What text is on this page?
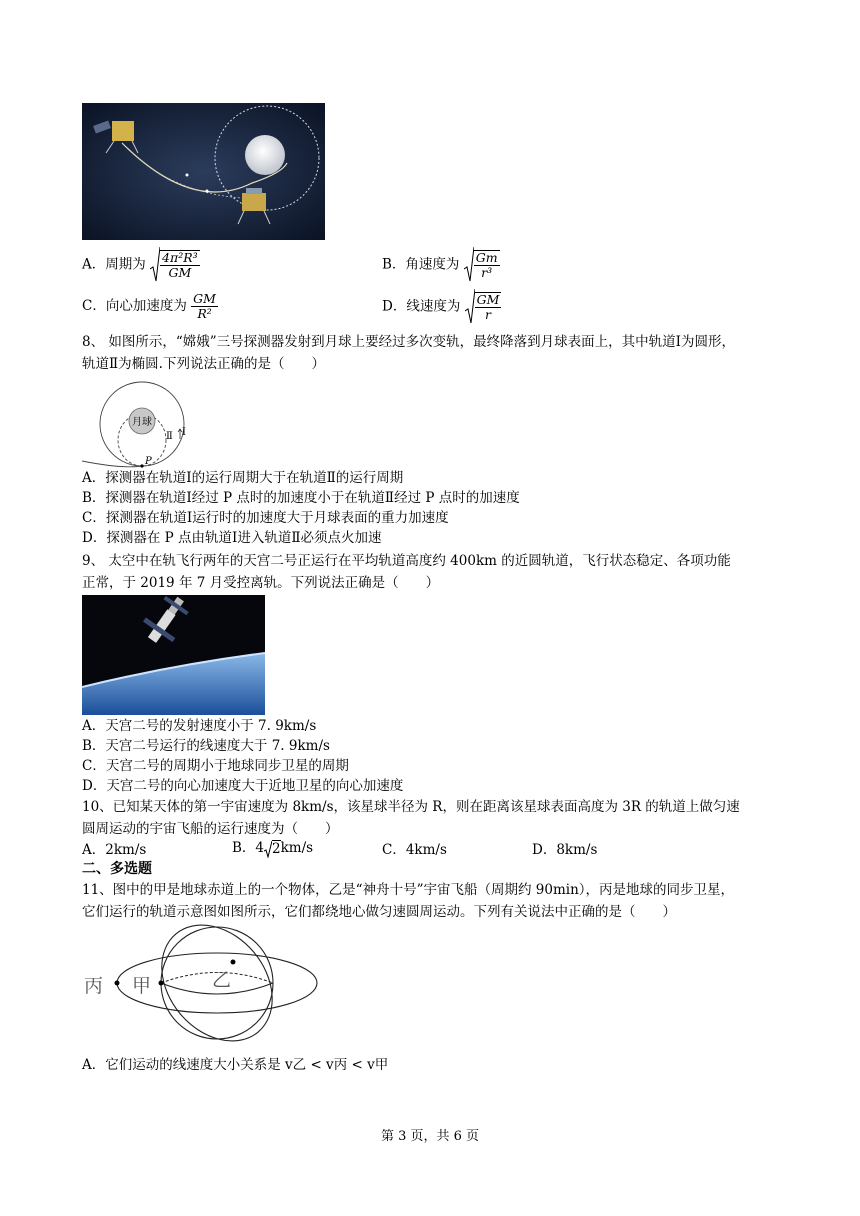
A．周期为 $\frac{\text{4π²R³}}{GM}$	B．角速度为 $\frac{Gm}{\text{r³}}$
C．向心加速度为 $\frac{GM}{\text{R²}}$	D．线速度为 $\frac{GM}{r}$
8、 如图所示，“嫦娥”三号探测器发射到月球上要经过多次变轨，最终降落到月球表面上，其中轨道Ⅰ为圆形，
轨道Ⅱ为椭圆.下列说法正确的是（　　）
月球
P
Ⅱ Ⅰ
A．探测器在轨道Ⅰ的运行周期大于在轨道Ⅱ的运行周期
B．探测器在轨道Ⅰ经过 P 点时的加速度小于在轨道Ⅱ经过 P 点时的加速度
C．探测器在轨道Ⅰ运行时的加速度大于月球表面的重力加速度
D．探测器在 P 点由轨道Ⅰ进入轨道Ⅱ必须点火加速
9、 太空中在轨飞行两年的天宫二号正运行在平均轨道高度约 400km 的近圆轨道，飞行状态稳定、各项功能
正常，于 2019 年 7 月受控离轨。下列说法正确是（　　）
A．天宫二号的发射速度小于 7. 9km/s
B．天宫二号运行的线速度大于 7. 9km/s
C．天宫二号的周期小于地球同步卫星的周期
D．天宫二号的向心加速度大于近地卫星的向心加速度
10、已知某天体的第一宇宙速度为 8km/s，该星球半径为 R，则在距离该星球表面高度为 3R 的轨道上做匀速
圆周运动的宇宙飞船的运行速度为（　　）
A．2km/s	B．4 2km/s	C．4km/s	D．8km/s
二、多选题
11、图中的甲是地球赤道上的一个物体，乙是“神舟十号”宇宙飞船（周期约 90min），丙是地球的同步卫星，
它们运行的轨道示意图如图所示，它们都绕地心做匀速圆周运动。下列有关说法中正确的是（　　）
丙 甲	乙
A．它们运动的线速度大小关系是 v乙 < v丙 < v甲
第 3 页，共 6 页
